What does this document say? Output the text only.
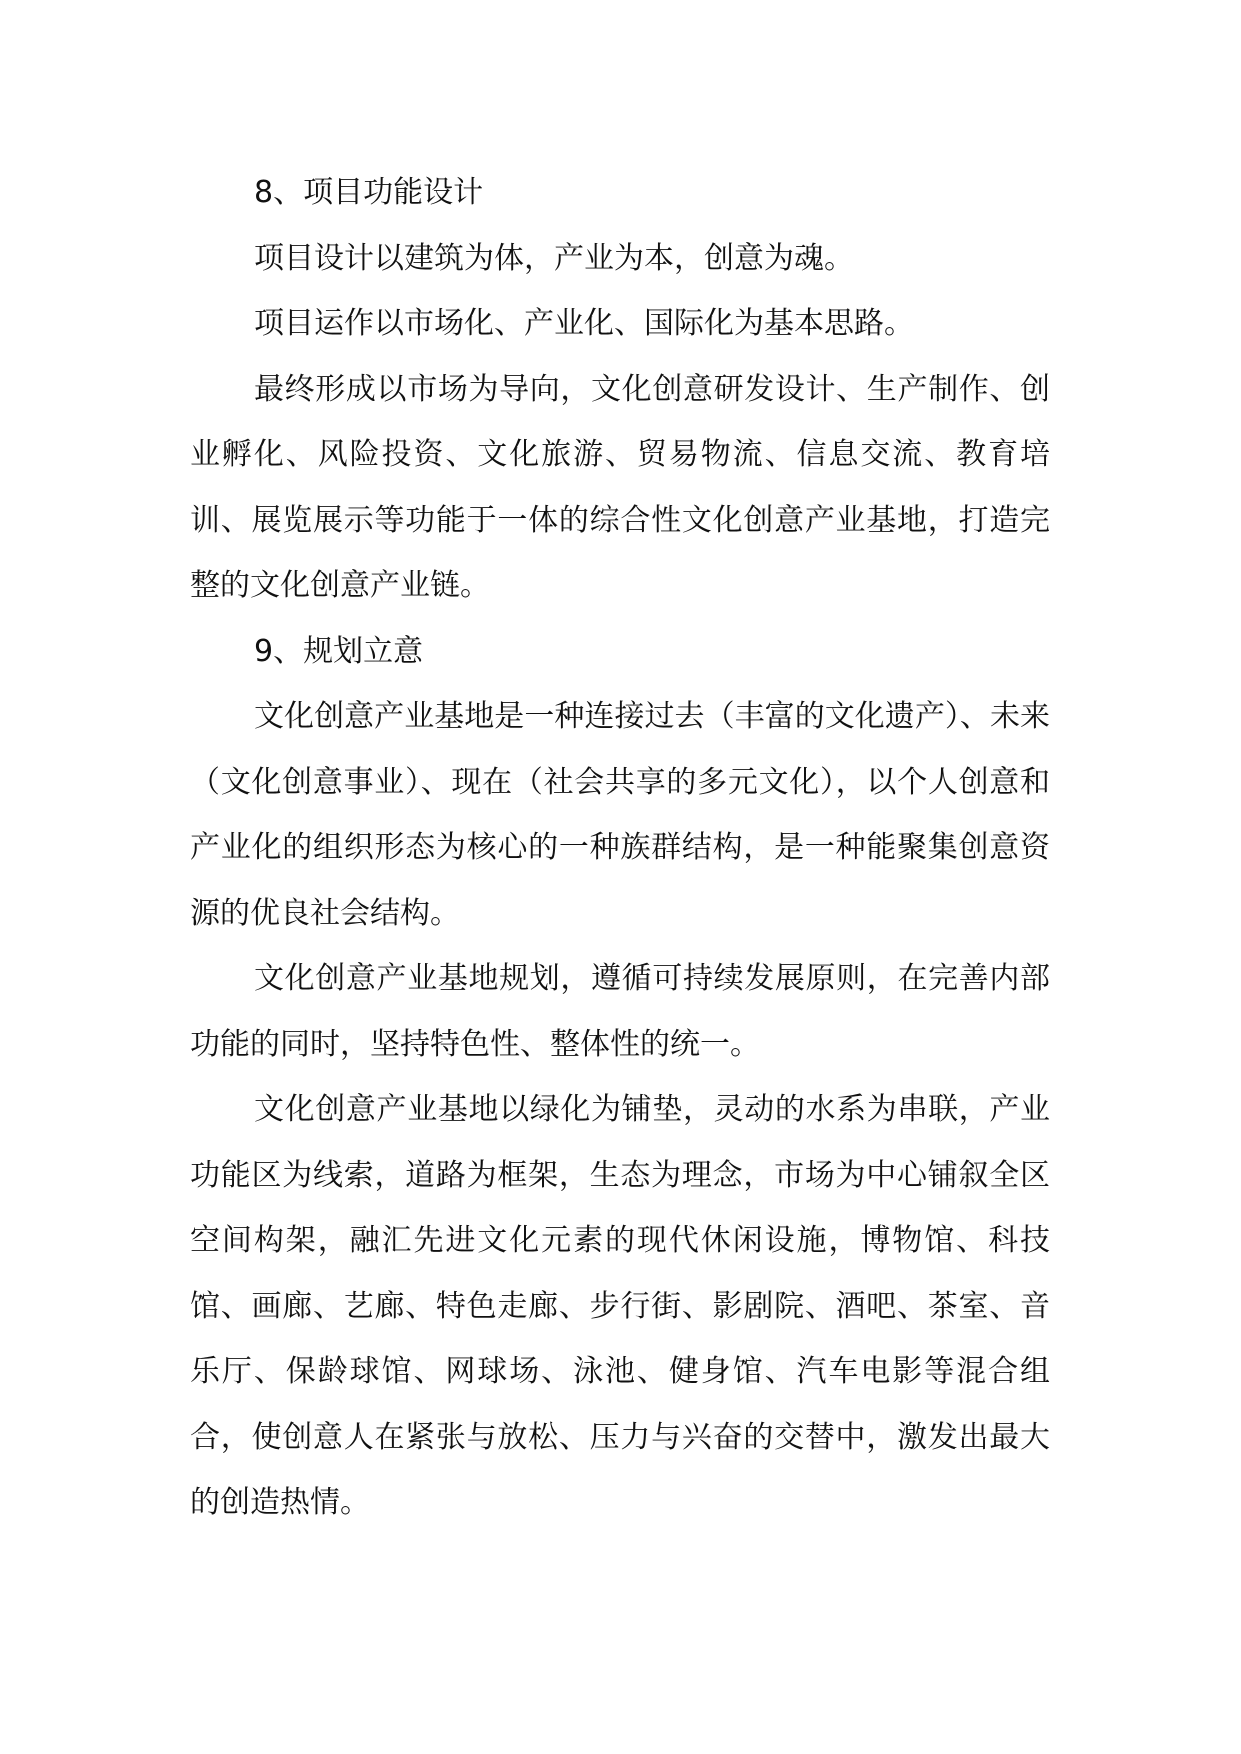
8、项目功能设计

项目设计以建筑为体，产业为本，创意为魂。

项目运作以市场化、产业化、国际化为基本思路。

最终形成以市场为导向，文化创意研发设计、生产制作、创业孵化、风险投资、文化旅游、贸易物流、信息交流、教育培训、展览展示等功能于一体的综合性文化创意产业基地，打造完整的文化创意产业链。

9、规划立意

文化创意产业基地是一种连接过去（丰富的文化遗产）、未来（文化创意事业）、现在（社会共享的多元文化），以个人创意和产业化的组织形态为核心的一种族群结构，是一种能聚集创意资源的优良社会结构。

文化创意产业基地规划，遵循可持续发展原则，在完善内部功能的同时，坚持特色性、整体性的统一。

文化创意产业基地以绿化为铺垫，灵动的水系为串联，产业功能区为线索，道路为框架，生态为理念，市场为中心铺叙全区空间构架，融汇先进文化元素的现代休闲设施，博物馆、科技馆、画廊、艺廊、特色走廊、步行街、影剧院、酒吧、茶室、音乐厅、保龄球馆、网球场、泳池、健身馆、汽车电影等混合组合，使创意人在紧张与放松、压力与兴奋的交替中，激发出最大的创造热情。
